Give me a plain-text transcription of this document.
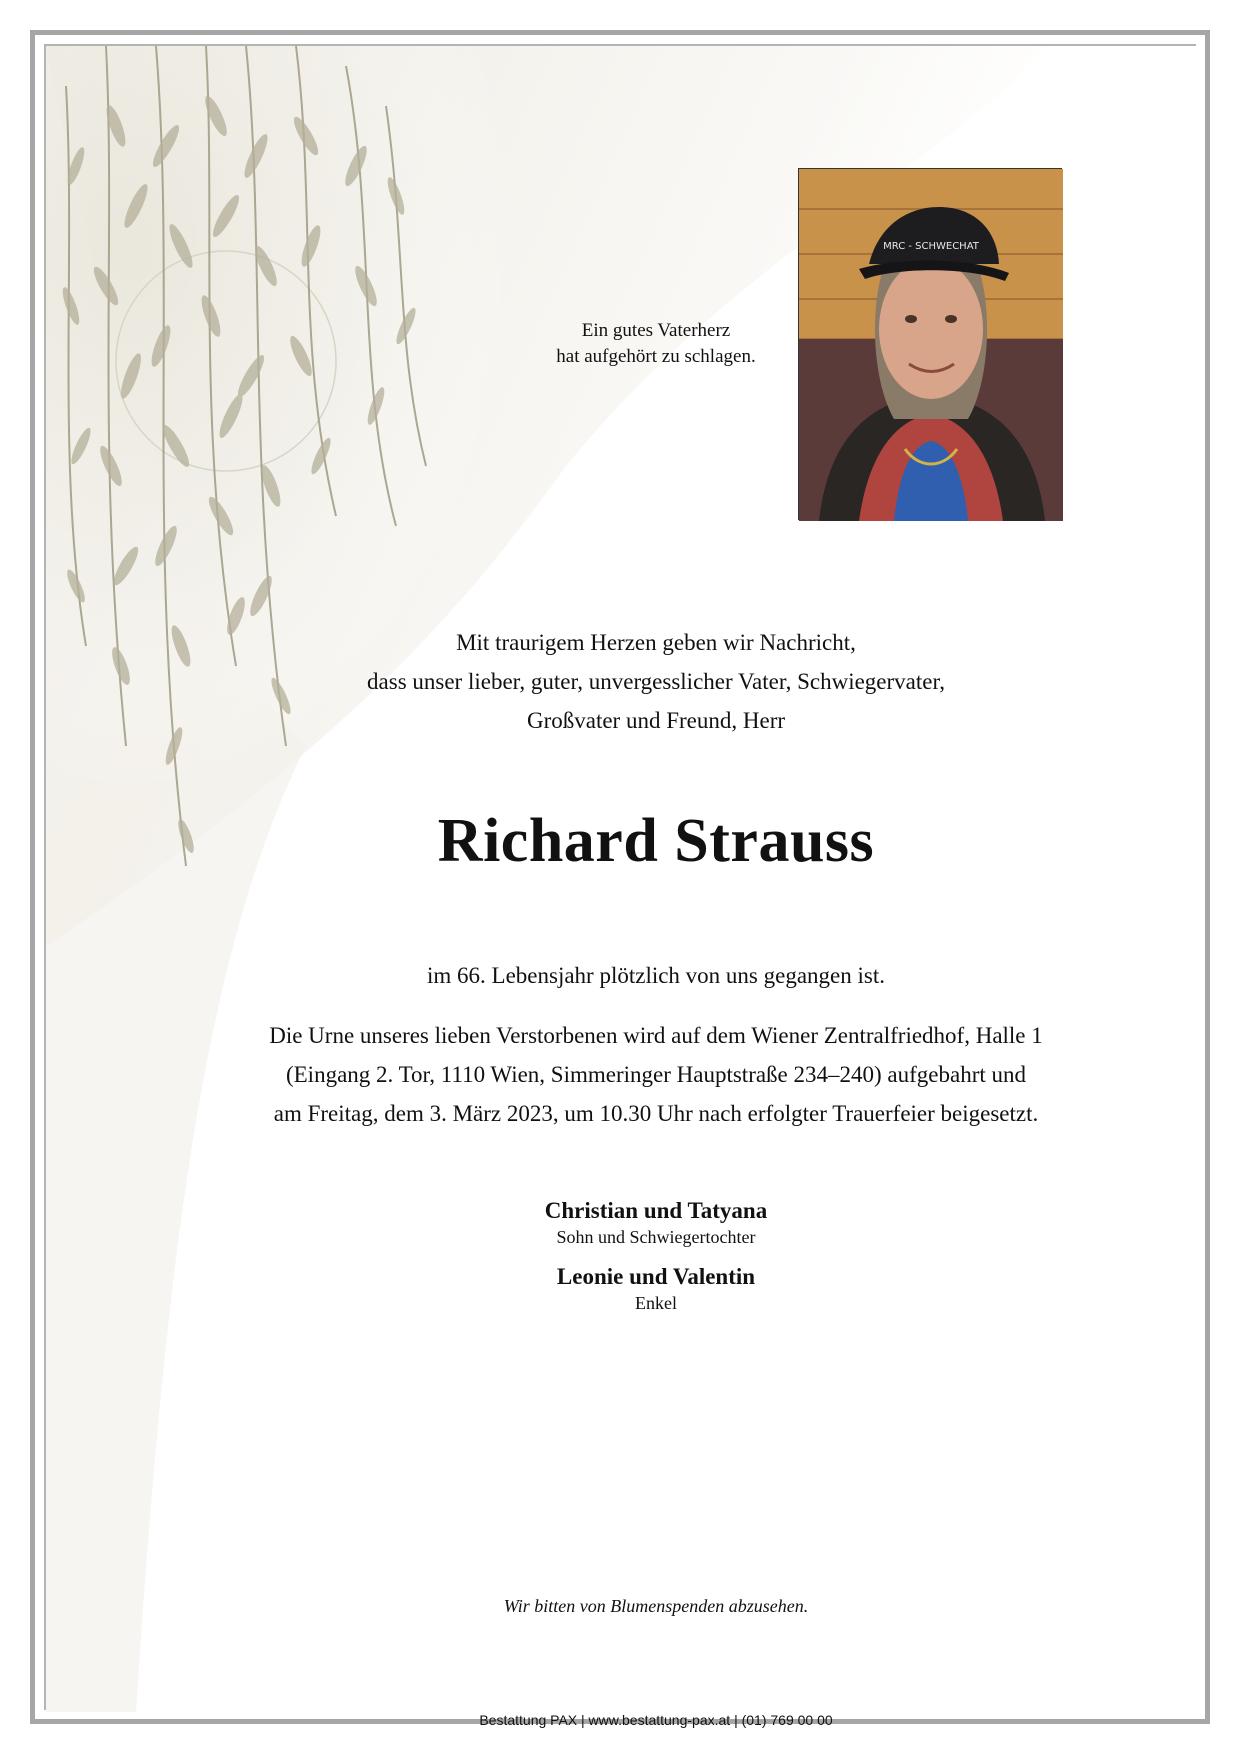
MRC - SCHWECHAT
Ein gutes Vaterherz
hat aufgehört zu schlagen.
Mit traurigem Herzen geben wir Nachricht,
dass unser lieber, guter, unvergesslicher Vater, Schwiegervater,
Großvater und Freund, Herr
Richard Strauss
im 66. Lebensjahr plötzlich von uns gegangen ist.
Die Urne unseres lieben Verstorbenen wird auf dem Wiener Zentralfriedhof, Halle 1
(Eingang 2. Tor, 1110 Wien, Simmeringer Hauptstraße 234–240) aufgebahrt und
am Freitag, dem 3. März 2023, um 10.30 Uhr nach erfolgter Trauerfeier beigesetzt.
Christian und Tatyana
Sohn und Schwiegertochter
Leonie und Valentin
Enkel
Wir bitten von Blumenspenden abzusehen.
Bestattung PAX | www.bestattung-pax.at | (01) 769 00 00
